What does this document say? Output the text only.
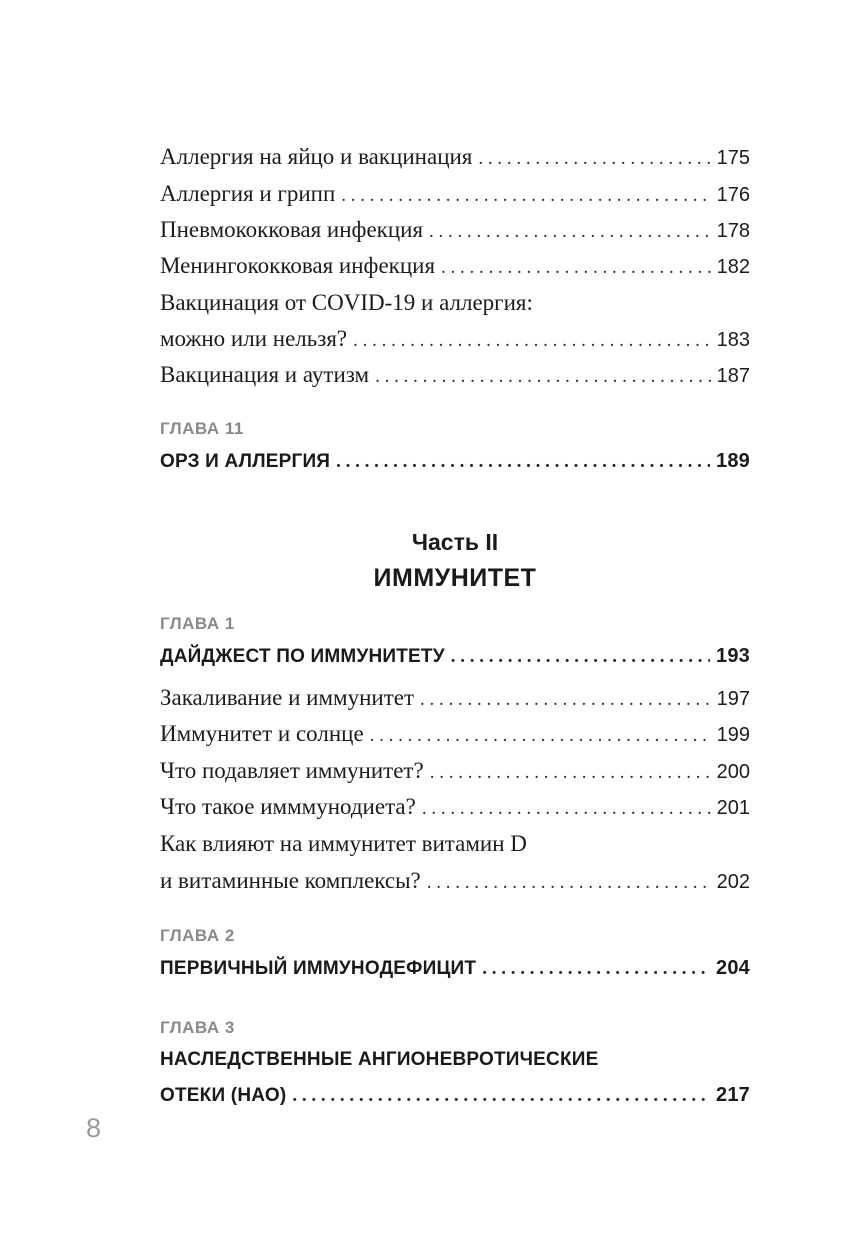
Аллергия на яйцо и вакцинация . . .	175
Аллергия и грипп . . .	176
Пневмококковая инфекция . . .	178
Менингококковая инфекция . . .	182
Вакцинация от COVID-19 и аллергия:
можно или нельзя? . . .	183
Вакцинация и аутизм . . .	187
ГЛАВА 11
ОРЗ И АЛЛЕРГИЯ . . .	189
Часть II
ИММУНИТЕТ
ГЛАВА 1
ДАЙДЖЕСТ ПО ИММУНИТЕТУ . . .	193
Закаливание и иммунитет . . .	197
Иммунитет и солнце . . .	199
Что подавляет иммунитет? . . .	200
Что такое имммунодиета? . . .	201
Как влияют на иммунитет витамин D
и витаминные комплексы? . . .	202
ГЛАВА 2
ПЕРВИЧНЫЙ ИММУНОДЕФИЦИТ . . .	204
ГЛАВА 3
НАСЛЕДСТВЕННЫЕ АНГИОНЕВРОТИЧЕСКИЕ
ОТЕКИ (НАО) . . .	217
8
